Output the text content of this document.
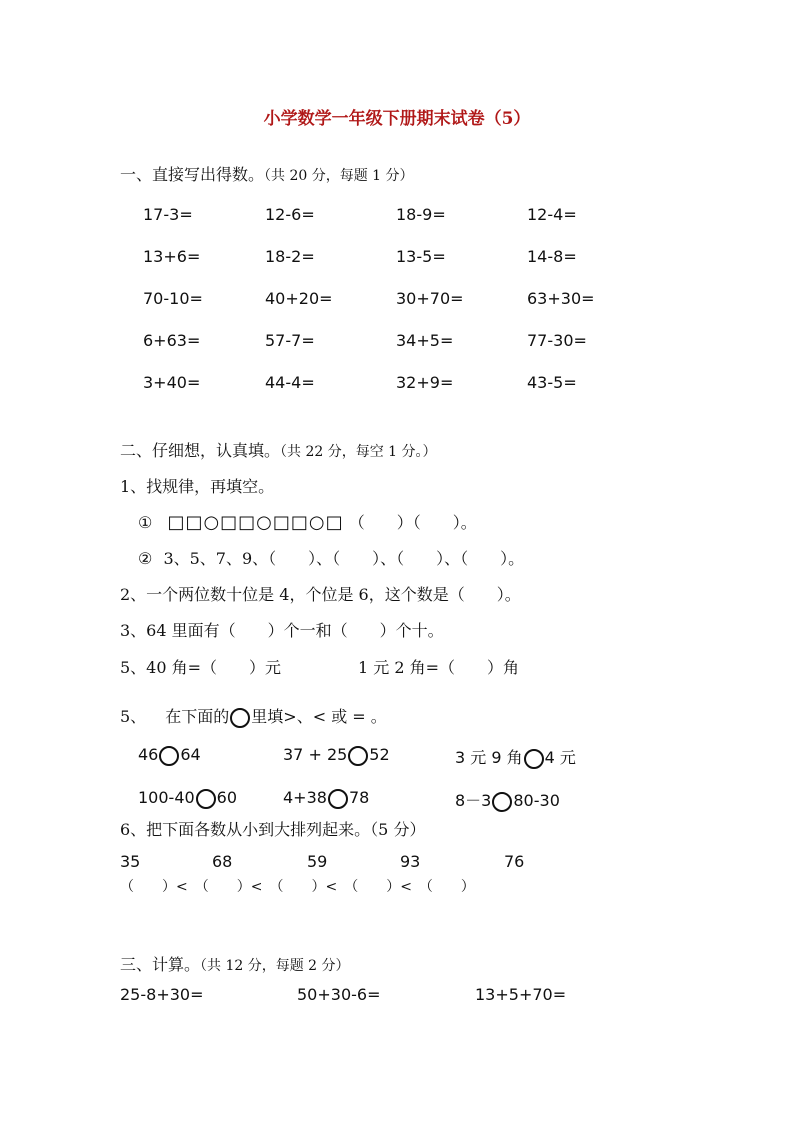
小学数学一年级下册期末试卷（5）
一、直接写出得数。（共 20 分，每题 1 分）
17-3=	12-6=	18-9=	12-4=
13+6=	18-2=	13-5=	14-8=
70-10=	40+20=	30+70=	63+30=
6+63=	57-7=	34+5=	77-30=
3+40=	44-4=	32+9=	43-5=
二、仔细想，认真填。（共 22 分，每空 1 分。）
1、找规律，再填空。
① □□○□□○□□○□ （　　）（　　）。
② 3、5、7、9、（　　）、（　　）、（　　）、（　　）。
2、一个两位数十位是 4，个位是 6，这个数是（　　）。
3、64 里面有（　　）个一和（　　）个十。
5、40 角=（　　）元	1 元 2 角=（　　）角
5、 在下面的 里填>、< 或 = 。
46 64	37 + 25 52	3 元 9 角 4 元
100-40 60	4+38 78	8－3 80-30
6、把下面各数从小到大排列起来。（5 分）
35	68	59	93	76
（　　）<　（　　）<　（　　）<　（　　）<　（　　）
三、计算。（共 12 分，每题 2 分）
25-8+30=	50+30-6=	13+5+70=
